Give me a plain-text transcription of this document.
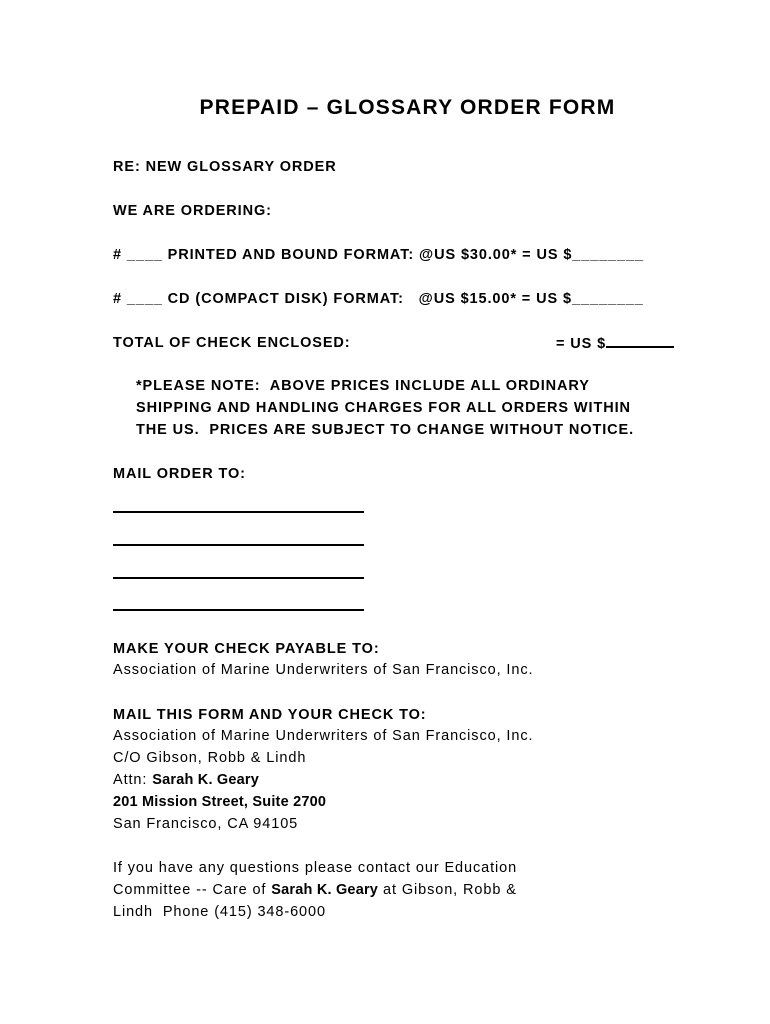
PREPAID – GLOSSARY ORDER FORM
RE: NEW GLOSSARY ORDER
WE ARE ORDERING:
# ____ PRINTED AND BOUND FORMAT: @US $30.00* = US $________
# ____ CD (COMPACT DISK) FORMAT:   @US $15.00* = US $________
TOTAL OF CHECK ENCLOSED:	= US $
*PLEASE NOTE:  ABOVE PRICES INCLUDE ALL ORDINARY
SHIPPING AND HANDLING CHARGES FOR ALL ORDERS WITHIN
THE US.  PRICES ARE SUBJECT TO CHANGE WITHOUT NOTICE.
MAIL ORDER TO:
MAKE YOUR CHECK PAYABLE TO:
Association of Marine Underwriters of San Francisco, Inc.
MAIL THIS FORM AND YOUR CHECK TO:
Association of Marine Underwriters of San Francisco, Inc.
C/O Gibson, Robb & Lindh
Attn: Sarah K. Geary
201 Mission Street, Suite 2700
San Francisco, CA 94105
If you have any questions please contact our Education
Committee -- Care of Sarah K. Geary at Gibson, Robb &
Lindh  Phone (415) 348-6000
